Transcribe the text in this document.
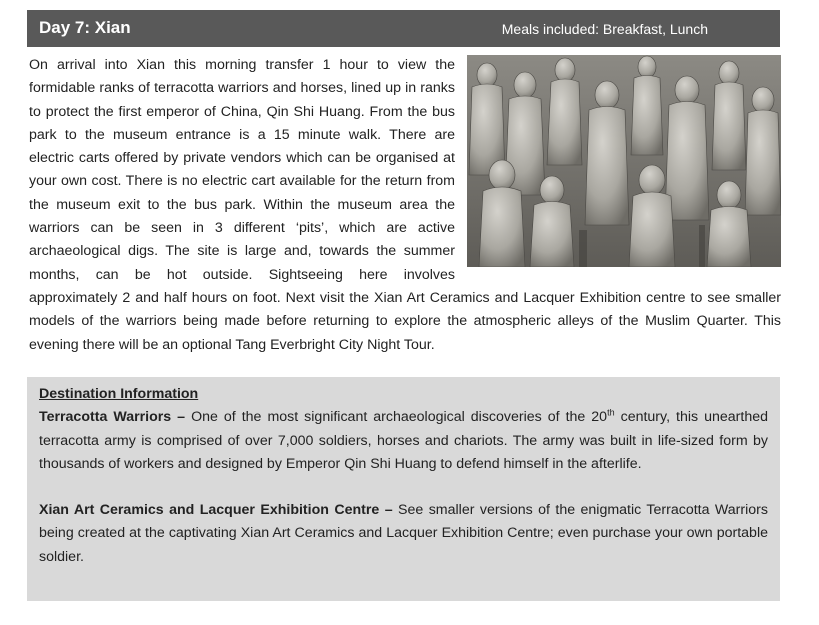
Day 7: Xian	Meals included: Breakfast, Lunch

On arrival into Xian this morning transfer 1 hour to view the formidable ranks of terracotta warriors and horses, lined up in ranks to protect the first emperor of China, Qin Shi Huang. From the bus park to the museum entrance is a 15 minute walk. There are electric carts offered by private vendors which can be organised at your own cost. There is no electric cart available for the return from the museum exit to the bus park. Within the museum area the warriors can be seen in 3 different ‘pits’, which are active archaeological digs. The site is large and, towards the summer months, can be hot outside. Sightseeing here involves approximately 2 and half hours on foot. Next visit the Xian Art Ceramics and Lacquer Exhibition centre to see smaller models of the warriors being made before returning to explore the atmospheric alleys of the Muslim Quarter. This evening there will be an optional Tang Everbright City Night Tour.

Destination Information

Terracotta Warriors – One of the most significant archaeological discoveries of the 20th century, this unearthed terracotta army is comprised of over 7,000 soldiers, horses and chariots. The army was built in life-sized form by thousands of workers and designed by Emperor Qin Shi Huang to defend himself in the afterlife.

Xian Art Ceramics and Lacquer Exhibition Centre – See smaller versions of the enigmatic Terracotta Warriors being created at the captivating Xian Art Ceramics and Lacquer Exhibition Centre; even purchase your own portable soldier.
